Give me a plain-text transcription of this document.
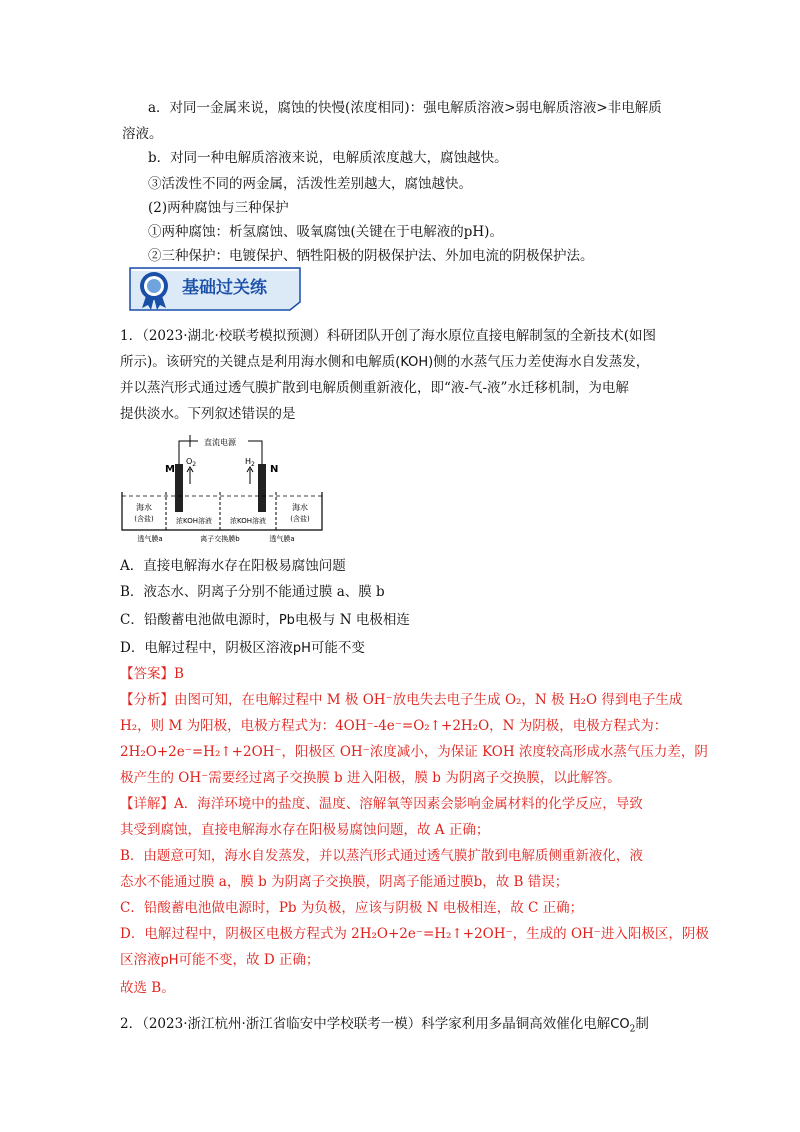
a．对同一金属来说，腐蚀的快慢(浓度相同)：强电解质溶液>弱电解质溶液>非电解质
溶液。
b．对同一种电解质溶液来说，电解质浓度越大，腐蚀越快。
③活泼性不同的两金属，活泼性差别越大，腐蚀越快。
(2)两种腐蚀与三种保护
①两种腐蚀：析氢腐蚀、吸氧腐蚀(关键在于电解液的pH)。
②三种保护：电镀保护、牺牲阳极的阴极保护法、外加电流的阴极保护法。
基础过关练
1．（2023·湖北·校联考模拟预测）科研团队开创了海水原位直接电解制氢的全新技术(如图
所示)。该研究的关键点是利用海水侧和电解质(KOH)侧的水蒸气压力差使海水自发蒸发，
并以蒸汽形式通过透气膜扩散到电解质侧重新液化，即“液-气-液”水迁移机制，为电解
提供淡水。下列叙述错误的是
直流电源
M	N
$O_2$	$H_2$
海水
(含盐)	浓KOH溶液	浓KOH溶液
海水
(含盐)
透气膜a	离子交换膜b	透气膜a
A．直接电解海水存在阳极易腐蚀问题
B．液态水、阴离子分别不能通过膜 a、膜 b
C．铅酸蓄电池做电源时，Pb电极与 N 电极相连
D．电解过程中，阴极区溶液pH可能不变
【答案】B
【分析】由图可知，在电解过程中 M 极 OH⁻放电失去电子生成 O₂，N 极 H₂O 得到电子生成
H₂，则 M 为阳极，电极方程式为：4OH⁻-4e⁻=O₂↑+2H₂O，N 为阴极，电极方程式为：
2H₂O+2e⁻=H₂↑+2OH⁻，阳极区 OH⁻浓度减小，为保证 KOH 浓度较高形成水蒸气压力差，阴
极产生的 OH⁻需要经过离子交换膜 b 进入阳极，膜 b 为阴离子交换膜，以此解答。
【详解】A．海洋环境中的盐度、温度、溶解氧等因素会影响金属材料的化学反应，导致
其受到腐蚀，直接电解海水存在阳极易腐蚀问题，故 A 正确；
B．由题意可知，海水自发蒸发，并以蒸汽形式通过透气膜扩散到电解质侧重新液化，液
态水不能通过膜 a，膜 b 为阴离子交换膜，阴离子能通过膜b，故 B 错误；
C．铅酸蓄电池做电源时，Pb 为负极，应该与阴极 N 电极相连，故 C 正确；
D．电解过程中，阴极区电极方程式为 2H₂O+2e⁻=H₂↑+2OH⁻，生成的 OH⁻进入阳极区，阴极
区溶液pH可能不变，故 D 正确；
故选 B。
2．（2023·浙江杭州·浙江省临安中学校联考一模）科学家利用多晶铜高效催化电解$CO_2$制
